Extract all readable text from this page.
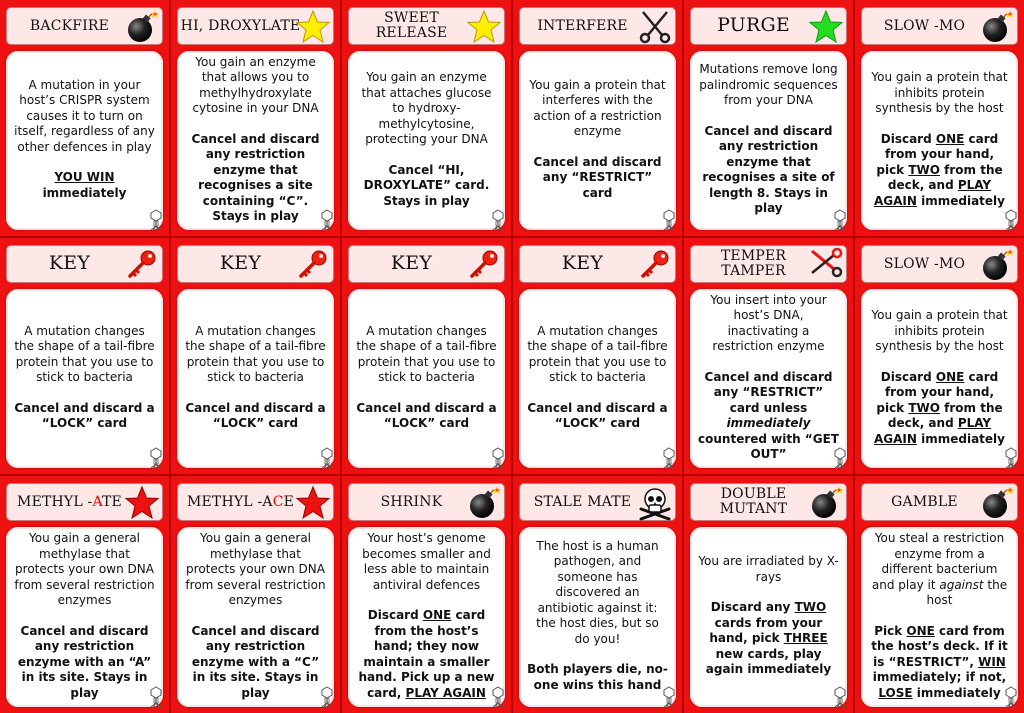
BACKFIRE
A mutation in your host’s CRISPR system causes it to turn on itself, regardless of any other defences in play
YOU WIN immediately
HI, DROXYLATE
You gain an enzyme that allows you to methylhydroxylate cytosine in your DNA
Cancel and discard any restriction enzyme that recognises a site containing “C”. Stays in play
SWEET RELEASE
You gain an enzyme that attaches glucose to hydroxy-methylcytosine, protecting your DNA
Cancel “HI, DROXYLATE” card. Stays in play
INTERFERE
You gain a protein that interferes with the action of a restriction enzyme
Cancel and discard any “RESTRICT” card
PURGE
Mutations remove long palindromic sequences from your DNA
Cancel and discard any restriction enzyme that recognises a site of length 8. Stays in play
SLOW -MO
You gain a protein that inhibits protein synthesis by the host
Discard ONE card from your hand, pick TWO from the deck, and PLAY AGAIN immediately
KEY
A mutation changes the shape of a tail-fibre protein that you use to stick to bacteria
Cancel and discard a “LOCK” card
KEY
A mutation changes the shape of a tail-fibre protein that you use to stick to bacteria
Cancel and discard a “LOCK” card
KEY
A mutation changes the shape of a tail-fibre protein that you use to stick to bacteria
Cancel and discard a “LOCK” card
KEY
A mutation changes the shape of a tail-fibre protein that you use to stick to bacteria
Cancel and discard a “LOCK” card
TEMPER TAMPER
You insert into your host’s DNA, inactivating a restriction enzyme
Cancel and discard any “RESTRICT” card unless immediately countered with “GET OUT”
SLOW -MO
You gain a protein that inhibits protein synthesis by the host
Discard ONE card from your hand, pick TWO from the deck, and PLAY AGAIN immediately
METHYL -ATE
You gain a general methylase that protects your own DNA from several restriction enzymes
Cancel and discard any restriction enzyme with an “A” in its site. Stays in play
METHYL -ACE
You gain a general methylase that protects your own DNA from several restriction enzymes
Cancel and discard any restriction enzyme with a “C” in its site. Stays in play
SHRINK
Your host’s genome becomes smaller and less able to maintain antiviral defences
Discard ONE card from the host’s hand; they now maintain a smaller hand. Pick up a new card, PLAY AGAIN
STALE MATE
The host is a human pathogen, and someone has discovered an antibiotic against it: the host dies, but so do you!
Both players die, no-one wins this hand
DOUBLE MUTANT
You are irradiated by X-rays
Discard any TWO cards from your hand, pick THREE new cards, play again immediately
GAMBLE
You steal a restriction enzyme from a different bacterium and play it against the host
Pick ONE card from the host’s deck. If it is “RESTRICT”, WIN immediately; if not, LOSE immediately
